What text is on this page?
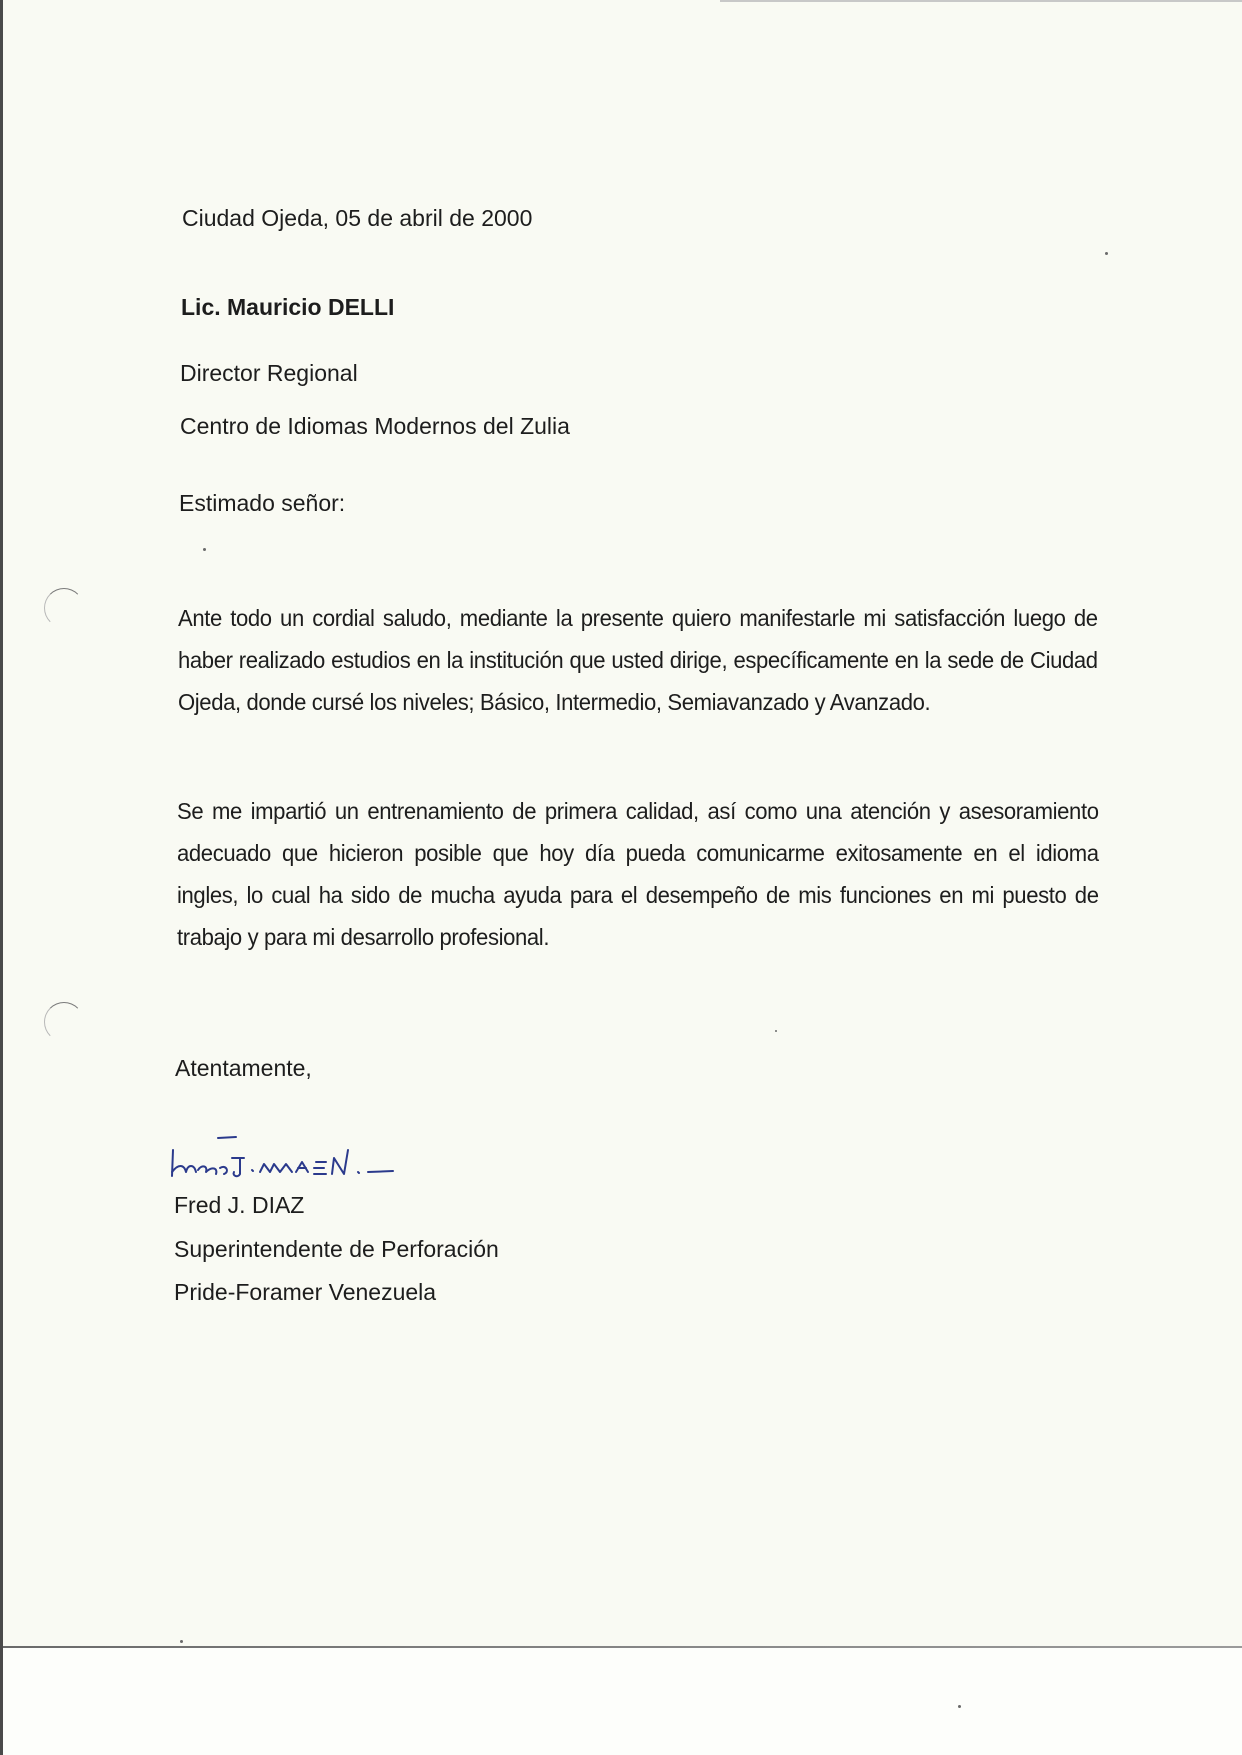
Ciudad Ojeda, 05 de abril de 2000
Lic. Mauricio DELLI
Director Regional
Centro de Idiomas Modernos del Zulia
Estimado señor:
Ante todo un cordial saludo, mediante la presente quiero manifestarle mi satisfacción luego de haber realizado estudios en la institución que usted dirige, específicamente en la sede de Ciudad Ojeda, donde cursé los niveles; Básico, Intermedio, Semiavanzado y Avanzado.
Se me impartió un entrenamiento de primera calidad, así como una atención y asesoramiento adecuado que hicieron posible que hoy día pueda comunicarme exitosamente en el idioma ingles, lo cual ha sido de mucha ayuda para el desempeño de mis funciones en mi puesto de trabajo y para mi desarrollo profesional.
Atentamente,
Fred J. DIAZ
Superintendente de Perforación
Pride-Foramer Venezuela
